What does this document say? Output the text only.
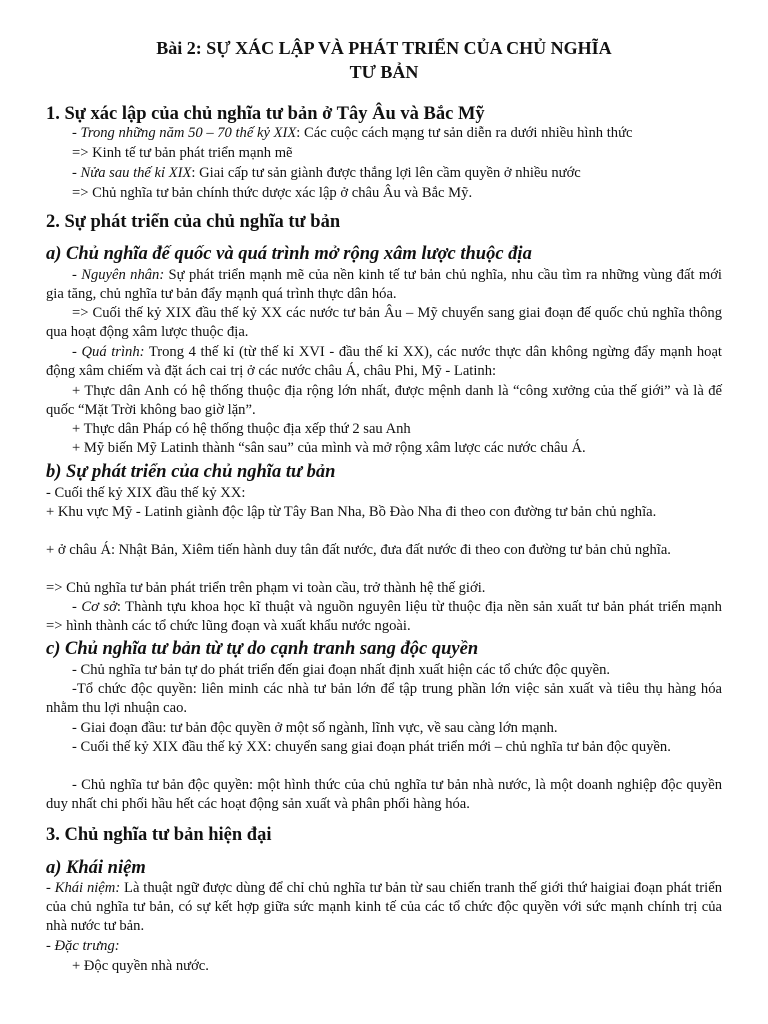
Bài 2: SỰ XÁC LẬP VÀ PHÁT TRIỂN CỦA CHỦ NGHĨA
TƯ BẢN
1. Sự xác lập của chủ nghĩa tư bản ở Tây Âu và Bắc Mỹ
- Trong những năm 50 – 70 thế kỷ XIX: Các cuộc cách mạng tư sản diễn ra dưới nhiều hình thức
=> Kinh tế tư bản phát triển mạnh mẽ
- Nửa sau thế kỉ XIX: Giai cấp tư sản giành được thắng lợi lên cầm quyền ở nhiều nước
=> Chủ nghĩa tư bản chính thức dược xác lập ở châu Âu và Bắc Mỹ.
2. Sự phát triển của chủ nghĩa tư bản
a) Chủ nghĩa đế quốc và quá trình mở rộng xâm lược thuộc địa
- Nguyên nhân: Sự phát triển mạnh mẽ của nền kinh tế tư bản chủ nghĩa, nhu cầu tìm ra những vùng đất mới gia tăng, chủ nghĩa tư bản đẩy mạnh quá trình thực dân hóa.
=> Cuối thế kỷ XIX đầu thế kỷ XX các nước tư bản Âu – Mỹ chuyển sang giai đoạn đế quốc chủ nghĩa thông qua hoạt động xâm lược thuộc địa.
- Quá trình: Trong 4 thế kỉ (từ thế kỉ XVI - đầu thế kỉ XX), các nước thực dân không ngừng đẩy mạnh hoạt động xâm chiếm và đặt ách cai trị ở các nước châu Á, châu Phi, Mỹ - Latinh:
+ Thực dân Anh có hệ thống thuộc địa rộng lớn nhất, được mệnh danh là “công xưởng của thế giới” và là đế quốc “Mặt Trời không bao giờ lặn”.
+ Thực dân Pháp có hệ thống thuộc địa xếp thứ 2 sau Anh
+ Mỹ biến Mỹ Latinh thành “sân sau” của mình và mở rộng xâm lược các nước châu Á.
b) Sự phát triển của chủ nghĩa tư bản
- Cuối thế kỷ XIX đầu thế kỷ XX:
+ Khu vực Mỹ - Latinh giành độc lập từ Tây Ban Nha, Bồ Đào Nha đi theo con đường tư bản chủ nghĩa.
+ ở châu Á: Nhật Bản, Xiêm tiến hành duy tân đất nước, đưa đất nước đi theo con đường tư bản chủ nghĩa.
=> Chủ nghĩa tư bản phát triển trên phạm vi toàn cầu, trở thành hệ thế giới.
- Cơ sở: Thành tựu khoa học kĩ thuật và nguồn nguyên liệu từ thuộc địa nền sản xuất tư bản phát triển mạnh => hình thành các tổ chức lũng đoạn và xuất khẩu nước ngoài.
c) Chủ nghĩa tư bản từ tự do cạnh tranh sang độc quyền
- Chủ nghĩa tư bản tự do phát triển đến giai đoạn nhất định xuất hiện các tổ chức độc quyền.
-Tổ chức độc quyền: liên minh các nhà tư bản lớn để tập trung phần lớn việc sản xuất và tiêu thụ hàng hóa nhằm thu lợi nhuận cao.
- Giai đoạn đầu: tư bản độc quyền ở một số ngành, lĩnh vực, về sau càng lớn mạnh.
- Cuối thế kỷ XIX đầu thế kỷ XX: chuyển sang giai đoạn phát triển mới – chủ nghĩa tư bản độc quyền.
- Chủ nghĩa tư bản độc quyền: một hình thức của chủ nghĩa tư bản nhà nước, là một doanh nghiệp độc quyền duy nhất chi phối hầu hết các hoạt động sản xuất và phân phối hàng hóa.
3. Chủ nghĩa tư bản hiện đại
a) Khái niệm
- Khái niệm: Là thuật ngữ được dùng để chỉ chủ nghĩa tư bản từ sau chiến tranh thế giới thứ haigiai đoạn phát triển của chủ nghĩa tư bản, có sự kết hợp giữa sức mạnh kinh tế của các tổ chức độc quyền với sức mạnh chính trị của nhà nước tư bản.
- Đặc trưng:
+ Độc quyền nhà nước.
